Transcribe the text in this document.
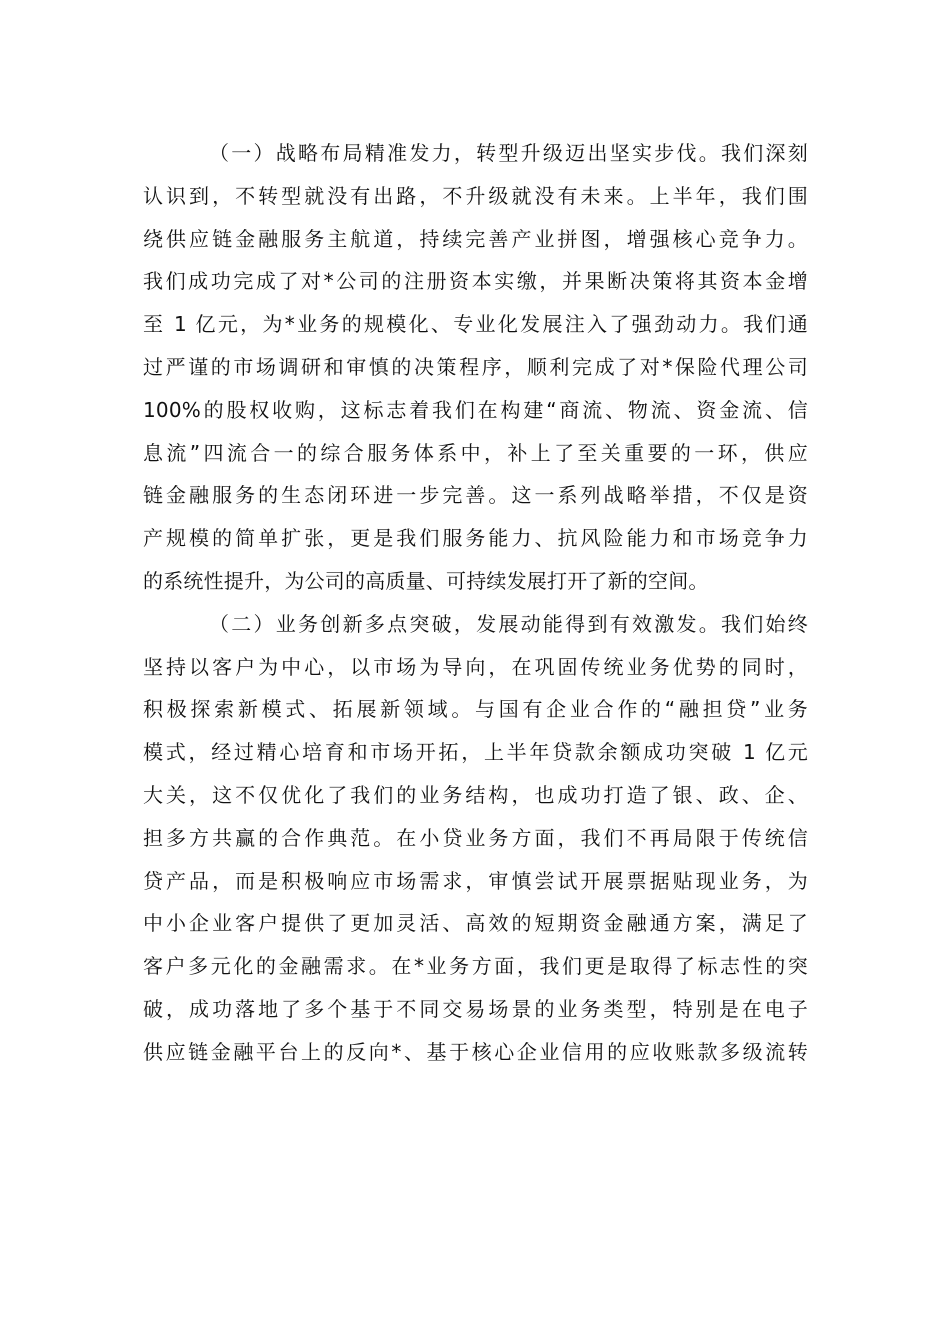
（一）战略布局精准发力，转型升级迈出坚实步伐。我们深刻
认识到，不转型就没有出路，不升级就没有未来。上半年，我们围
绕供应链金融服务主航道，持续完善产业拼图，增强核心竞争力。
我们成功完成了对*公司的注册资本实缴，并果断决策将其资本金增
至 1 亿元，为*业务的规模化、专业化发展注入了强劲动力。我们通
过严谨的市场调研和审慎的决策程序，顺利完成了对*保险代理公司
100%的股权收购，这标志着我们在构建“商流、物流、资金流、信
息流”四流合一的综合服务体系中，补上了至关重要的一环，供应
链金融服务的生态闭环进一步完善。这一系列战略举措，不仅是资
产规模的简单扩张，更是我们服务能力、抗风险能力和市场竞争力
的系统性提升，为公司的高质量、可持续发展打开了新的空间。

（二）业务创新多点突破，发展动能得到有效激发。我们始终
坚持以客户为中心，以市场为导向，在巩固传统业务优势的同时，
积极探索新模式、拓展新领域。与国有企业合作的“融担贷”业务
模式，经过精心培育和市场开拓，上半年贷款余额成功突破 1 亿元
大关，这不仅优化了我们的业务结构，也成功打造了银、政、企、
担多方共赢的合作典范。在小贷业务方面，我们不再局限于传统信
贷产品，而是积极响应市场需求，审慎尝试开展票据贴现业务，为
中小企业客户提供了更加灵活、高效的短期资金融通方案，满足了
客户多元化的金融需求。在*业务方面，我们更是取得了标志性的突
破，成功落地了多个基于不同交易场景的业务类型，特别是在电子
供应链金融平台上的反向*、基于核心企业信用的应收账款多级流转
